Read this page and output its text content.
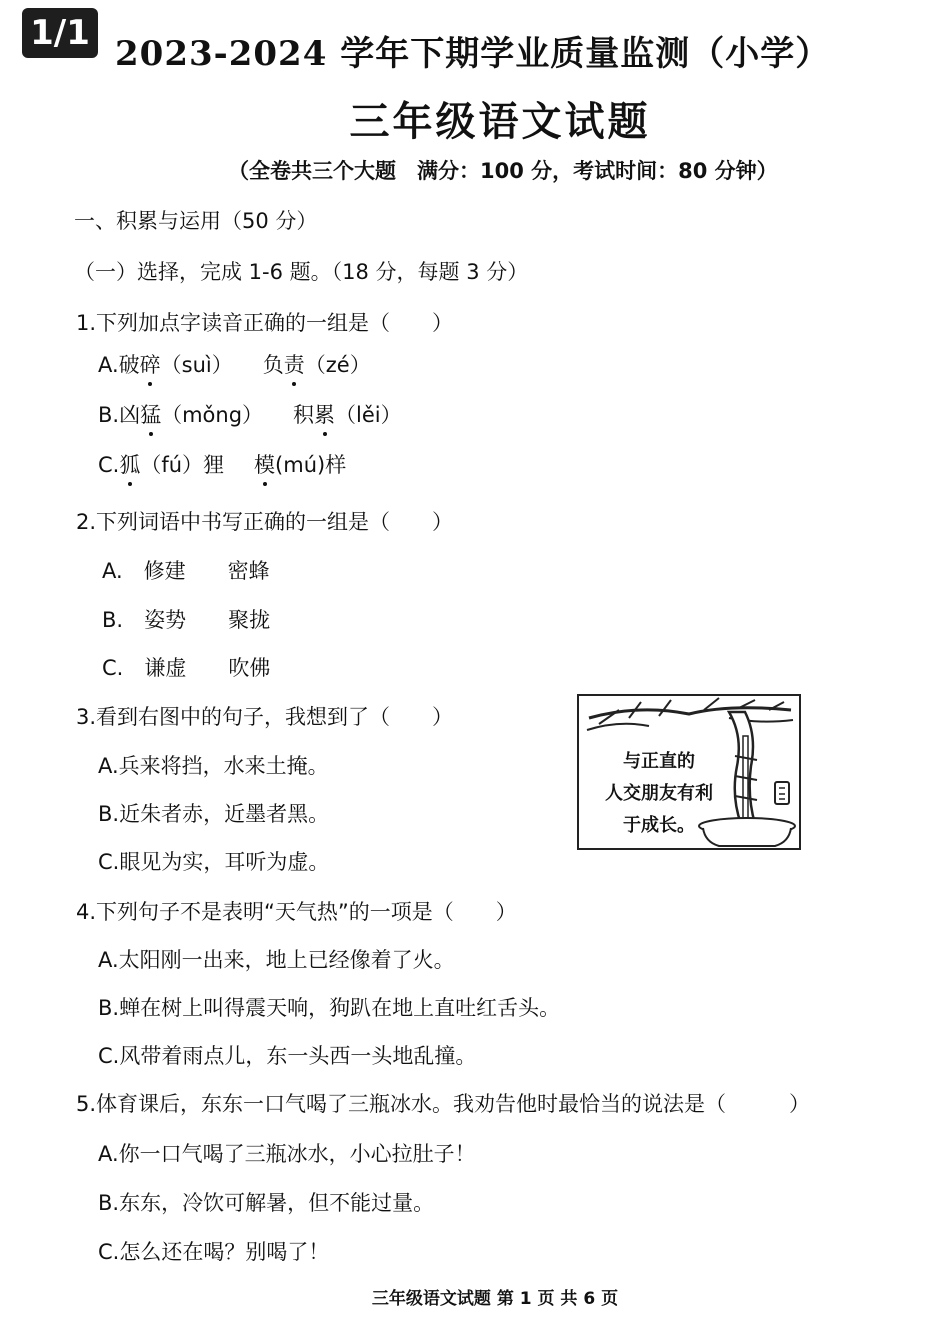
1/1
2023-2024 学年下期学业质量监测（小学）
三年级语文试题
（全卷共三个大题　满分：100 分，考试时间：80 分钟）
一、积累与运用（50 分）
（一）选择，完成 1-6 题。（18 分，每题 3 分）
1.下列加点字读音正确的一组是（　　）
A.破碎（suì） 负责（zé）
B.凶猛（mǒng） 积累（lěi）
C.狐（fú）狸 模(mú)样
2.下列词语中书写正确的一组是（　　）
A.　修建　　密蜂
B.　姿势　　聚拢
C.　谦虚　　吹佛
3.看到右图中的句子，我想到了（　　）
A.兵来将挡，水来土掩。
B.近朱者赤，近墨者黑。
C.眼见为实，耳听为虚。
与正直的
人交朋友有利
于成长。
4.下列句子不是表明“天气热”的一项是（　　）
A.太阳刚一出来，地上已经像着了火。
B.蝉在树上叫得震天响，狗趴在地上直吐红舌头。
C.风带着雨点儿，东一头西一头地乱撞。
5.体育课后，东东一口气喝了三瓶冰水。我劝告他时最恰当的说法是（　　　）
A.你一口气喝了三瓶冰水，小心拉肚子！
B.东东，冷饮可解暑，但不能过量。
C.怎么还在喝？别喝了！
三年级语文试题 第 1 页 共 6 页
